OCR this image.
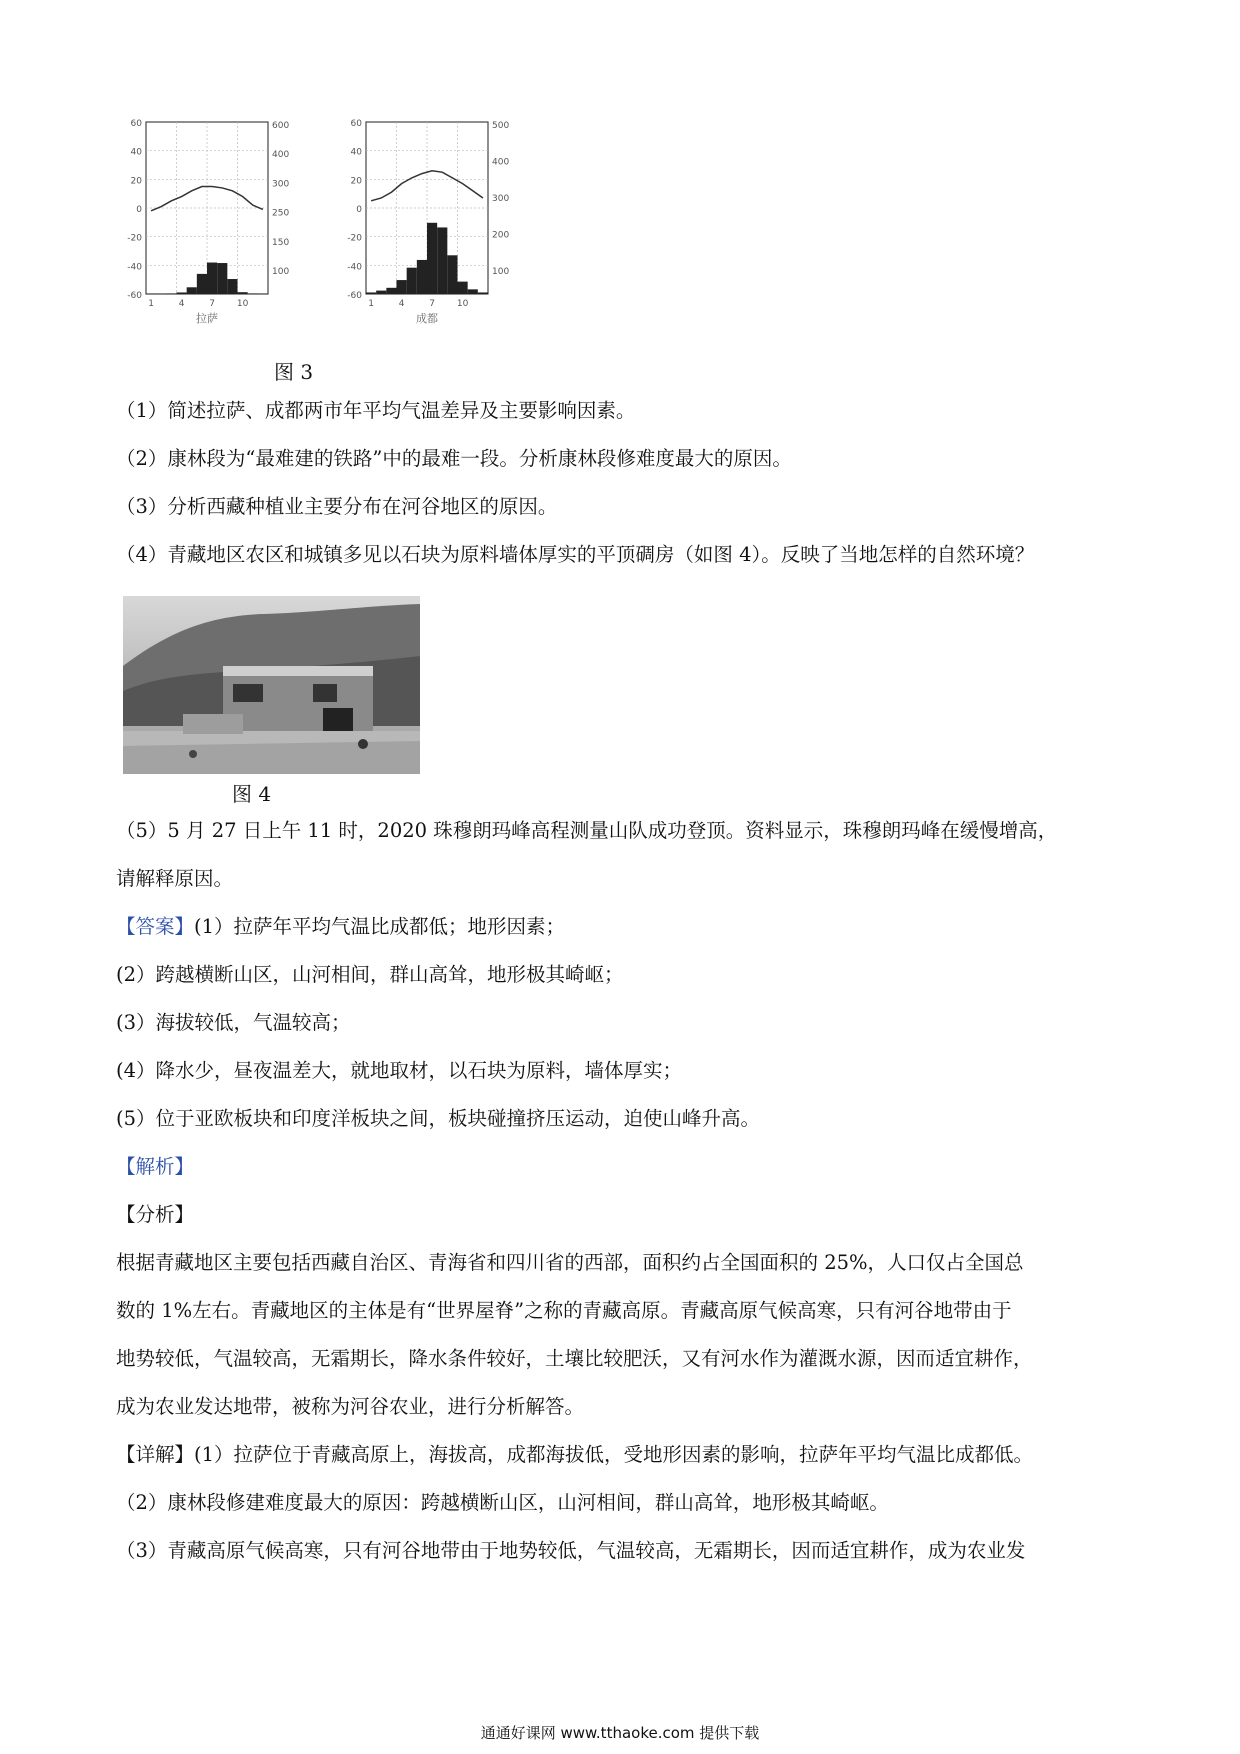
60
40
20
0
-20
-40
-60
600
400
300
250
150
100
1	4	7 10
拉萨
60
40
20
0
-20
-40
-60
500
400
300
200
100
1	4	7 10
成都
图 3
（1）简述拉萨、成都两市年平均气温差异及主要影响因素。
（2）康林段为“最难建的铁路”中的最难一段。分析康林段修难度最大的原因。
（3）分析西藏种植业主要分布在河谷地区的原因。
（4）青藏地区农区和城镇多见以石块为原料墙体厚实的平顶碉房（如图 4）。反映了当地怎样的自然环境？
图 4
（5）5 月 27 日上午 11 时，2020 珠穆朗玛峰高程测量山队成功登顶。资料显示，珠穆朗玛峰在缓慢增高，
请解释原因。
【答案】(1）拉萨年平均气温比成都低；地形因素；
(2）跨越横断山区，山河相间，群山高耸，地形极其崎岖；
(3）海拔较低，气温较高；
(4）降水少，昼夜温差大，就地取材，以石块为原料，墙体厚实；
(5）位于亚欧板块和印度洋板块之间，板块碰撞挤压运动，迫使山峰升高。
【解析】
【分析】
根据青藏地区主要包括西藏自治区、青海省和四川省的西部，面积约占全国面积的 25%，人口仅占全国总
数的 1%左右。青藏地区的主体是有“世界屋脊”之称的青藏高原。青藏高原气候高寒，只有河谷地带由于
地势较低，气温较高，无霜期长，降水条件较好，土壤比较肥沃，又有河水作为灌溉水源，因而适宜耕作，
成为农业发达地带，被称为河谷农业，进行分析解答。
【详解】(1）拉萨位于青藏高原上，海拔高，成都海拔低，受地形因素的影响，拉萨年平均气温比成都低。
（2）康林段修建难度最大的原因：跨越横断山区，山河相间，群山高耸，地形极其崎岖。
（3）青藏高原气候高寒，只有河谷地带由于地势较低，气温较高，无霜期长，因而适宜耕作，成为农业发
通通好课网 www.tthaoke.com 提供下载
